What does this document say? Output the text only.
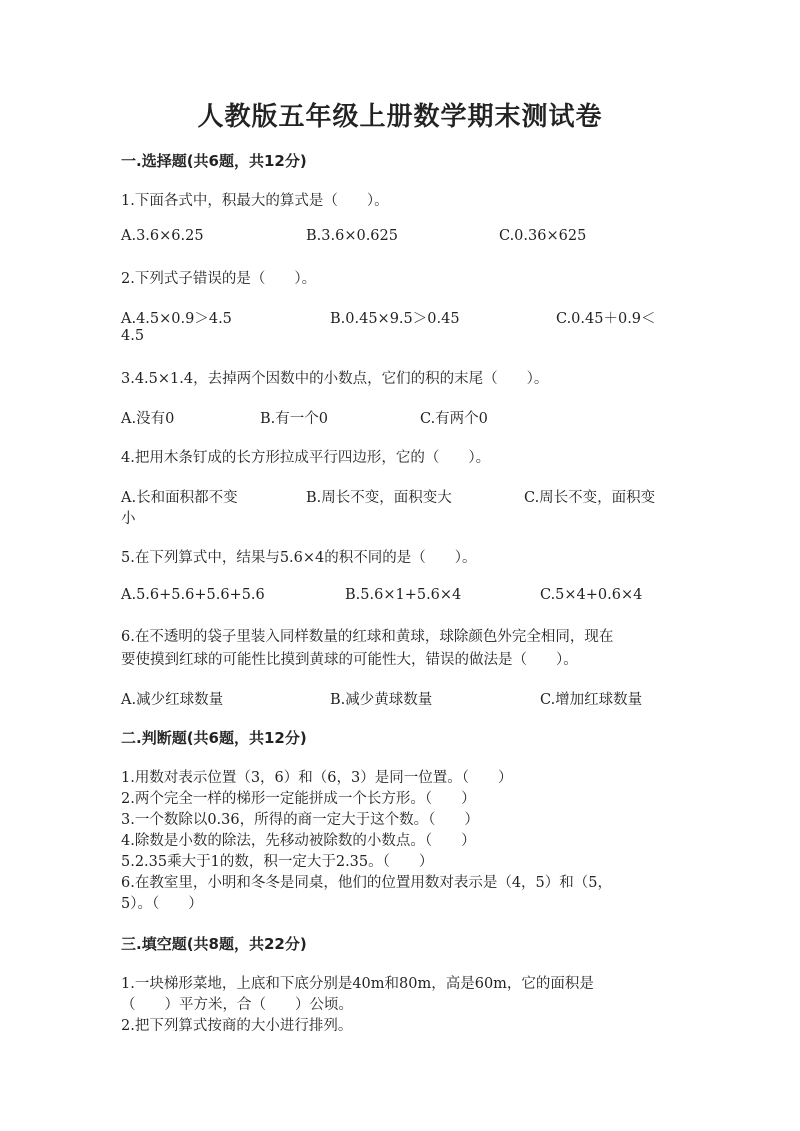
人教版五年级上册数学期末测试卷
一.选择题(共6题，共12分)
1.下面各式中，积最大的算式是（　　）。
A.3.6×6.25	B.3.6×0.625	C.0.36×625
2.下列式子错误的是（　　）。
A.4.5×0.9＞4.5	B.0.45×9.5＞0.45	C.0.45＋0.9＜
4.5
3.4.5×1.4，去掉两个因数中的小数点，它们的积的末尾（　　）。
A.没有0	B.有一个0	C.有两个0
4.把用木条钉成的长方形拉成平行四边形，它的（　　）。
A.长和面积都不变	B.周长不变，面积变大	C.周长不变，面积变
小
5.在下列算式中，结果与5.6×4的积不同的是（　　）。
A.5.6+5.6+5.6+5.6	B.5.6×1+5.6×4	C.5×4+0.6×4
6.在不透明的袋子里装入同样数量的红球和黄球，球除颜色外完全相同，现在
要使摸到红球的可能性比摸到黄球的可能性大，错误的做法是（　　）。
A.减少红球数量	B.减少黄球数量	C.增加红球数量
二.判断题(共6题，共12分)
1.用数对表示位置（3，6）和（6，3）是同一位置。（　　）
2.两个完全一样的梯形一定能拼成一个长方形。（　　）
3.一个数除以0.36，所得的商一定大于这个数。（　　）
4.除数是小数的除法，先移动被除数的小数点。（　　）
5.2.35乘大于1的数，积一定大于2.35。（　　）
6.在教室里，小明和冬冬是同桌，他们的位置用数对表示是（4，5）和（5，
5）。（　　）
三.填空题(共8题，共22分)
1.一块梯形菜地，上底和下底分别是40m和80m，高是60m，它的面积是
（　　）平方米，合（　　）公顷。
2.把下列算式按商的大小进行排列。
